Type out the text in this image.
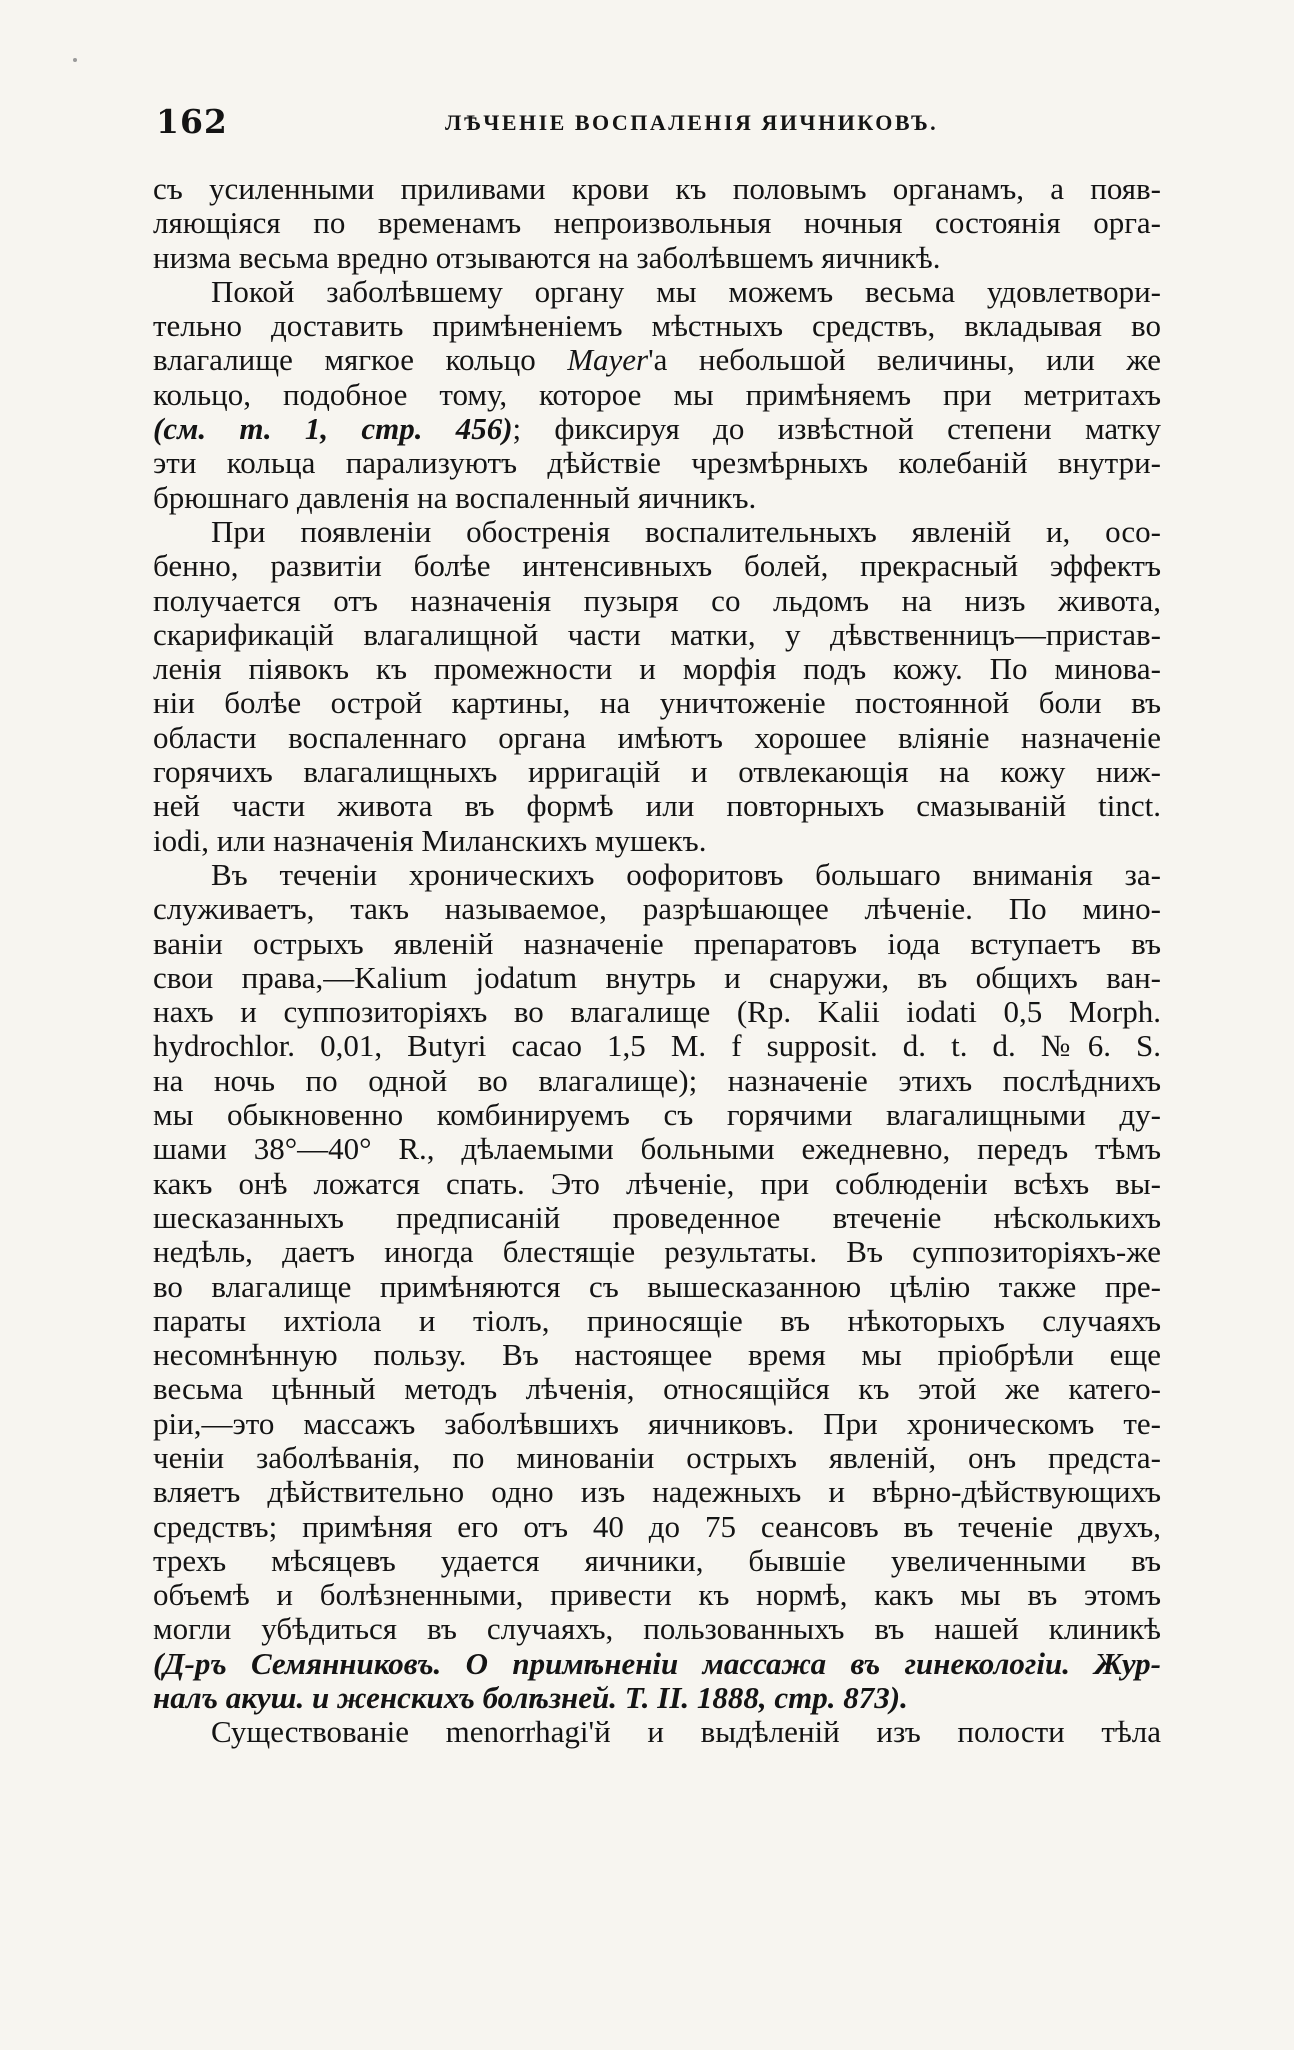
162	ЛѢЧЕНІЕ ВОСПАЛЕНІЯ ЯИЧНИКОВЪ.
съ усиленными приливами крови къ половымъ органамъ, а появ-
ляющіяся по временамъ непроизвольныя ночныя состоянія орга-
низма весьма вредно отзываются на заболѣвшемъ яичникѣ.
Покой заболѣвшему органу мы можемъ весьма удовлетвори-
тельно доставить примѣненіемъ мѣстныхъ средствъ, вкладывая во
влагалище мягкое кольцо Mayer'а небольшой величины, или же
кольцо, подобное тому, которое мы примѣняемъ при метритахъ
(см. т. 1, стр. 456); фиксируя до извѣстной степени матку
эти кольца парализуютъ дѣйствіе чрезмѣрныхъ колебаній внутри-
брюшнаго давленія на воспаленный яичникъ.
При появленіи обостренія воспалительныхъ явленій и, осо-
бенно, развитіи болѣе интенсивныхъ болей, прекрасный эффектъ
получается отъ назначенія пузыря со льдомъ на низъ живота,
скарификацій влагалищной части матки, у дѣвственницъ—пристав-
ленія піявокъ къ промежности и морфія подъ кожу. По минова-
ніи болѣе острой картины, на уничтоженіе постоянной боли въ
области воспаленнаго органа имѣютъ хорошее вліяніе назначеніе
горячихъ влагалищныхъ ирригацій и отвлекающія на кожу ниж-
ней части живота въ формѣ или повторныхъ смазываній tinct.
iodi, или назначенія Миланскихъ мушекъ.
Въ теченіи хроническихъ оофоритовъ большаго вниманія за-
служиваетъ, такъ называемое, разрѣшающее лѣченіе. По мино-
ваніи острыхъ явленій назначеніе препаратовъ іода вступаетъ въ
свои права,—Kalium jodatum внутрь и снаружи, въ общихъ ван-
нахъ и суппозиторіяхъ во влагалище (Rp. Kalii iodati 0,5 Morph.
hydrochlor. 0,01, Butyri cacao 1,5 M. f supposit. d. t. d. №6. S.
на ночь по одной во влагалище); назначеніе этихъ послѣднихъ
мы обыкновенно комбинируемъ съ горячими влагалищными ду-
шами 38°—40° R., дѣлаемыми больными ежедневно, передъ тѣмъ
какъ онѣ ложатся спать. Это лѣченіе, при соблюденіи всѣхъ вы-
шесказанныхъ предписаній проведенное втеченіе нѣсколькихъ
недѣль, даетъ иногда блестящіе результаты. Въ суппозиторіяхъ-же
во влагалище примѣняются съ вышесказанною цѣлію также пре-
параты ихтіола и тіолъ, приносящіе въ нѣкоторыхъ случаяхъ
несомнѣнную пользу. Въ настоящее время мы пріобрѣли еще
весьма цѣнный методъ лѣченія, относящійся къ этой же катего-
ріи,—это массажъ заболѣвшихъ яичниковъ. При хроническомъ те-
ченіи заболѣванія, по минованіи острыхъ явленій, онъ предста-
вляетъ дѣйствительно одно изъ надежныхъ и вѣрно-дѣйствующихъ
средствъ; примѣняя его отъ 40 до 75 сеансовъ въ теченіе двухъ,
трехъ мѣсяцевъ удается яичники, бывшіе увеличенными въ
объемѣ и болѣзненными, привести къ нормѣ, какъ мы въ этомъ
могли убѣдиться въ случаяхъ, пользованныхъ въ нашей клиникѣ
(Д-ръ Семянниковъ. О примѣненіи массажа въ гинекологіи. Жур-
налъ акуш. и женскихъ болѣзней. Т. II. 1888, стр. 873).
Существованіе menorrhagi'й и выдѣленій изъ полости тѣла
